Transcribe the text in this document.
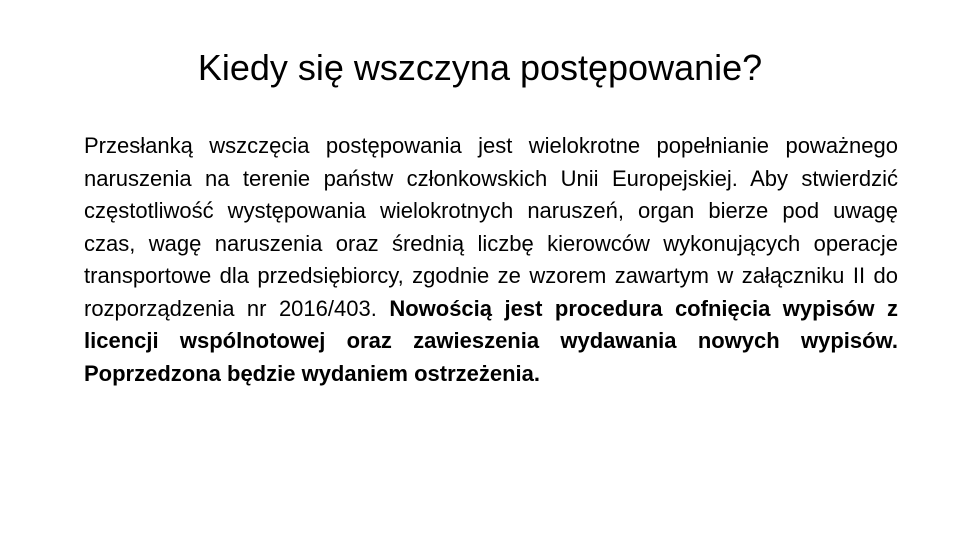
Kiedy się wszczyna postępowanie?

Przesłanką wszczęcia postępowania jest wielokrotne popełnianie poważnego naruszenia na terenie państw członkowskich Unii Europejskiej. Aby stwierdzić częstotliwość występowania wielokrotnych naruszeń, organ bierze pod uwagę czas, wagę naruszenia oraz średnią liczbę kierowców wykonujących operacje transportowe dla przedsiębiorcy, zgodnie ze wzorem zawartym w załączniku II do rozporządzenia nr 2016/403. Nowością jest procedura cofnięcia wypisów z licencji wspólnotowej oraz zawieszenia wydawania nowych wypisów. Poprzedzona będzie wydaniem ostrzeżenia.
